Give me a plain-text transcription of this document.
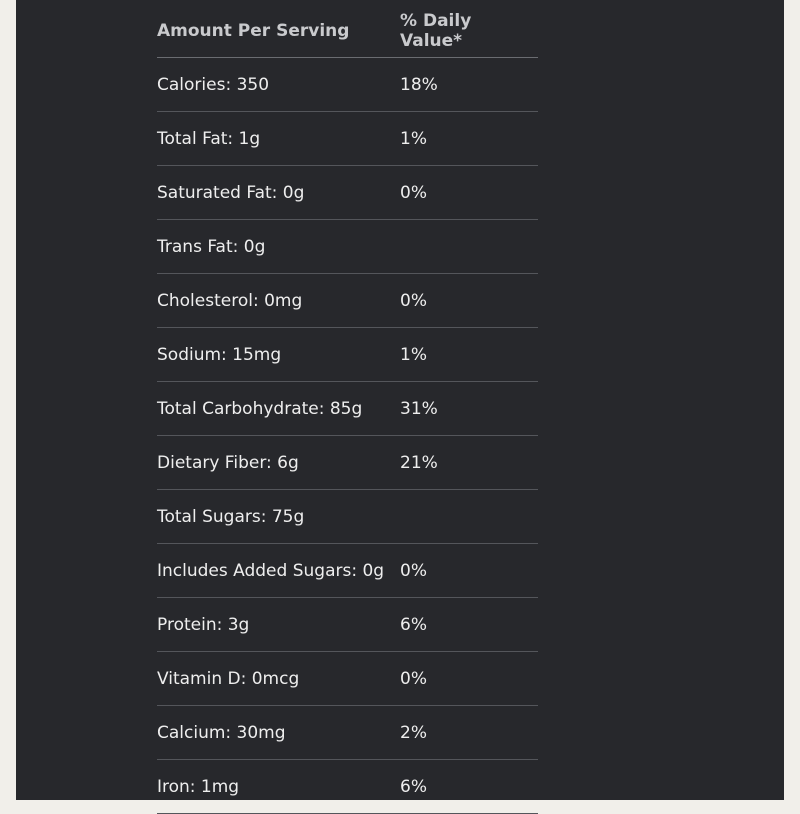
Amount Per Serving	% Daily Value*
Calories: 350	18%
Total Fat: 1g	1%
Saturated Fat: 0g	0%
Trans Fat: 0g
Cholesterol: 0mg	0%
Sodium: 15mg	1%
Total Carbohydrate: 85g	31%
Dietary Fiber: 6g	21%
Total Sugars: 75g
Includes Added Sugars: 0g 0%
Protein: 3g	6%
Vitamin D: 0mcg	0%
Calcium: 30mg	2%
Iron: 1mg	6%
